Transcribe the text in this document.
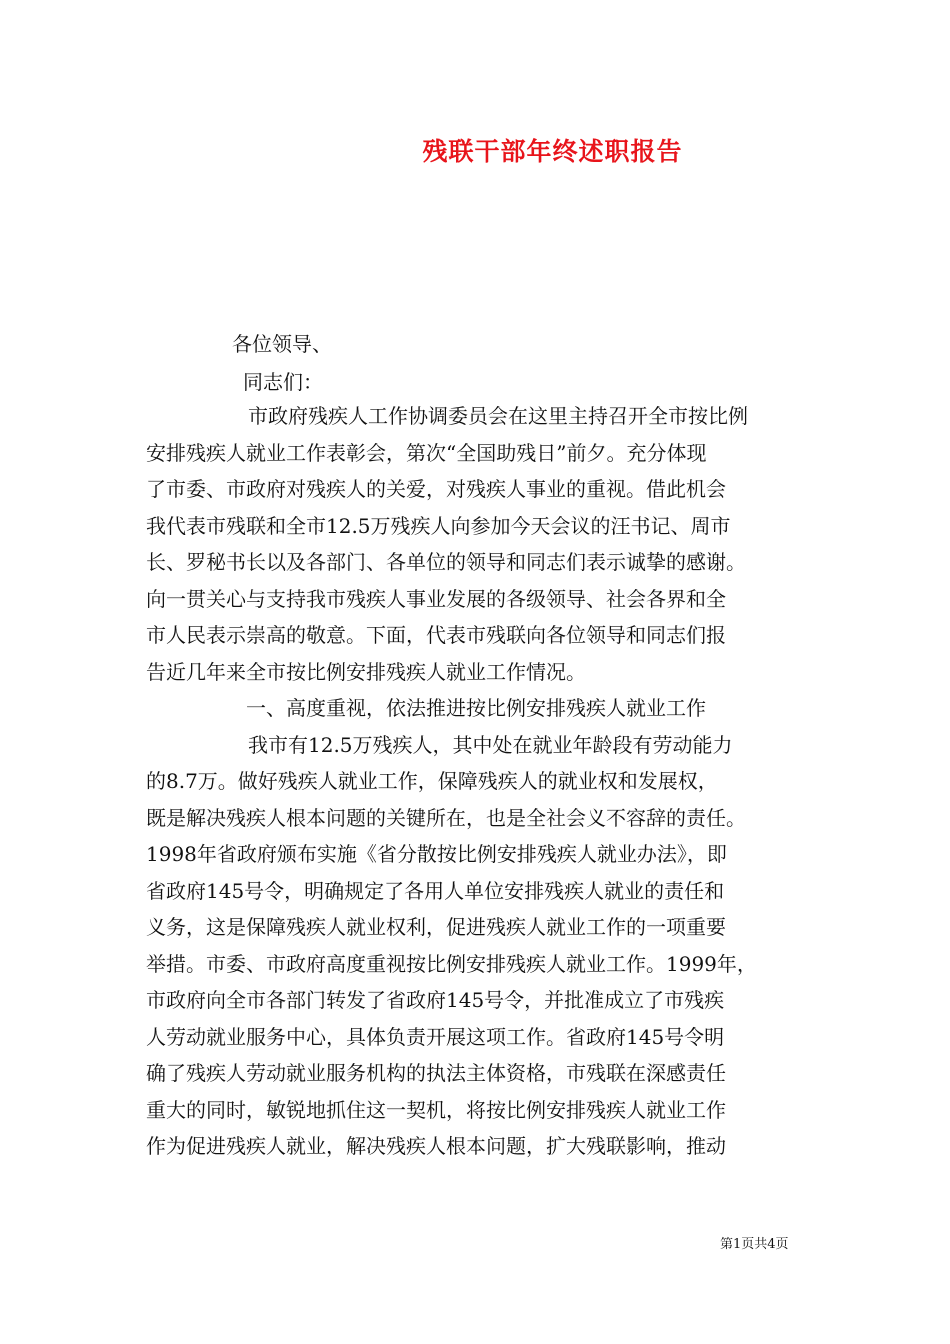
残联干部年终述职报告
各位领导、
同志们：
市政府残疾人工作协调委员会在这里主持召开全市按比例
安排残疾人就业工作表彰会，第次“全国助残日”前夕。充分体现
了市委、市政府对残疾人的关爱，对残疾人事业的重视。借此机会
我代表市残联和全市12.5万残疾人向参加今天会议的汪书记、周市
长、罗秘书长以及各部门、各单位的领导和同志们表示诚挚的感谢。
向一贯关心与支持我市残疾人事业发展的各级领导、社会各界和全
市人民表示崇高的敬意。下面，代表市残联向各位领导和同志们报
告近几年来全市按比例安排残疾人就业工作情况。
一、高度重视，依法推进按比例安排残疾人就业工作
我市有12.5万残疾人，其中处在就业年龄段有劳动能力
的8.7万。做好残疾人就业工作，保障残疾人的就业权和发展权，
既是解决残疾人根本问题的关键所在，也是全社会义不容辞的责任。
1998年省政府颁布实施《省分散按比例安排残疾人就业办法》，即
省政府145号令，明确规定了各用人单位安排残疾人就业的责任和
义务，这是保障残疾人就业权利，促进残疾人就业工作的一项重要
举措。市委、市政府高度重视按比例安排残疾人就业工作。1999年，
市政府向全市各部门转发了省政府145号令，并批准成立了市残疾
人劳动就业服务中心，具体负责开展这项工作。省政府145号令明
确了残疾人劳动就业服务机构的执法主体资格，市残联在深感责任
重大的同时，敏锐地抓住这一契机，将按比例安排残疾人就业工作
作为促进残疾人就业，解决残疾人根本问题，扩大残联影响，推动
第1页共4页
